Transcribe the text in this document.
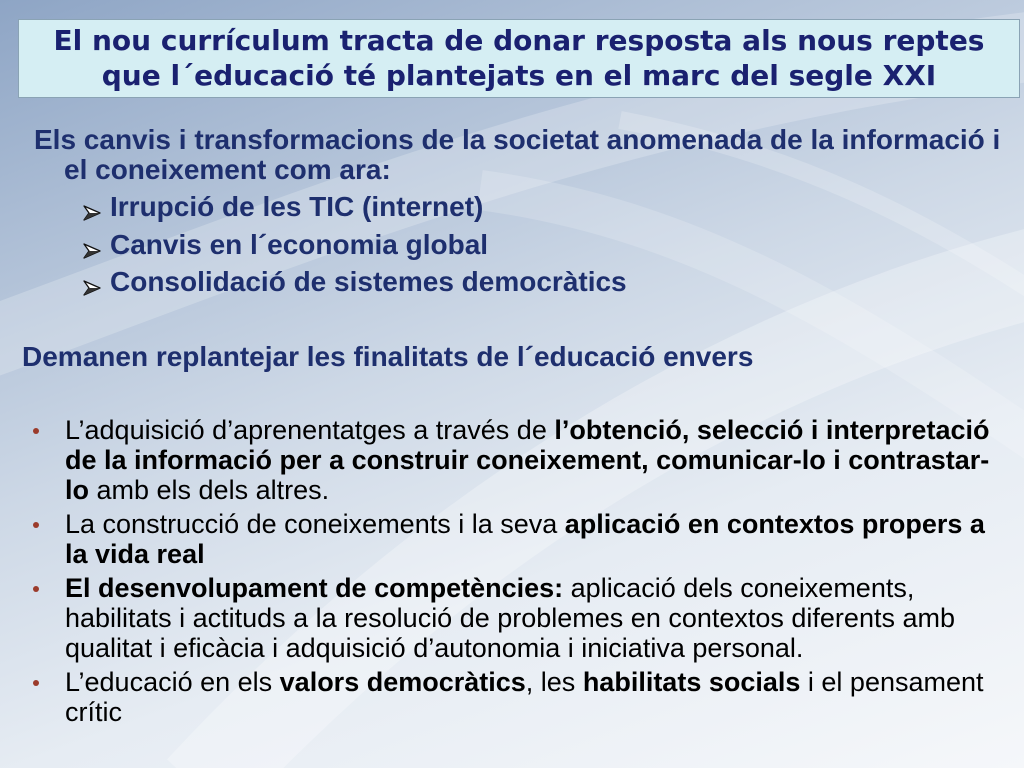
El nou currículum tracta de donar resposta als nous reptes
que l´educació té plantejats en el marc del segle XXI
Els canvis i transformacions de la societat anomenada de la informació i el coneixement com ara:
Irrupció de les TIC (internet)
Canvis en l´economia global
Consolidació de sistemes democràtics
Demanen replantejar les finalitats de l´educació envers
L’adquisició d’aprenentatges a través de l’obtenció, selecció i interpretació de la informació per a construir coneixement, comunicar-lo i contrastar-lo amb els dels altres.
La construcció de coneixements i la seva aplicació en contextos propers a la vida real
El desenvolupament de competències: aplicació dels coneixements, habilitats i actituds a la resolució de problemes en contextos diferents amb qualitat i eficàcia i adquisició d’autonomia i iniciativa personal.
L’educació en els valors democràtics, les habilitats socials i el pensament crític
